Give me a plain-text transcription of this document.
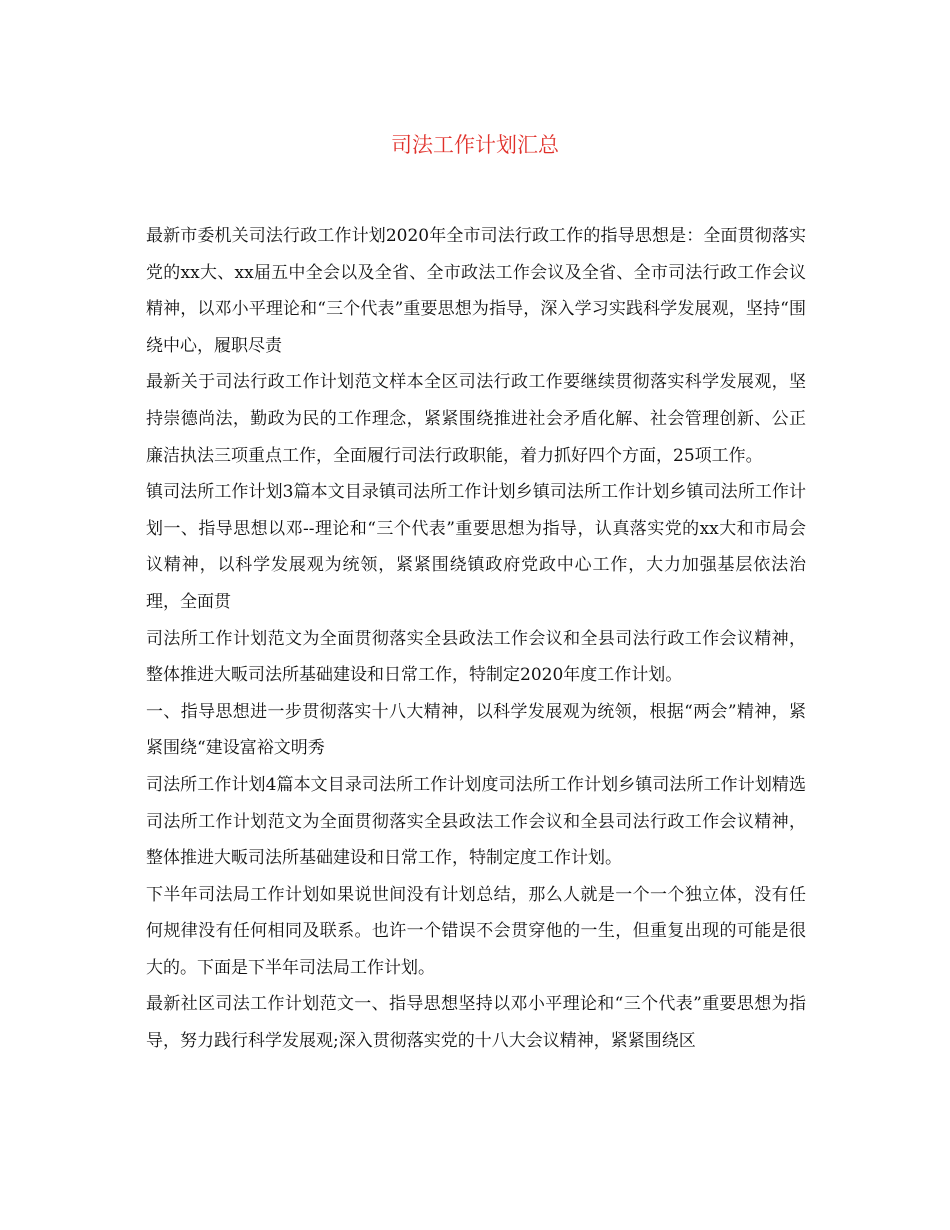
司法工作计划汇总

最新市委机关司法行政工作计划2020年全市司法行政工作的指导思想是：全面贯彻落实党的xx大、xx届五中全会以及全省、全市政法工作会议及全省、全市司法行政工作会议精神，以邓小平理论和“三个代表”重要思想为指导，深入学习实践科学发展观，坚持“围绕中心，履职尽责

最新关于司法行政工作计划范文样本全区司法行政工作要继续贯彻落实科学发展观，坚持崇德尚法，勤政为民的工作理念，紧紧围绕推进社会矛盾化解、社会管理创新、公正廉洁执法三项重点工作，全面履行司法行政职能，着力抓好四个方面，25项工作。

镇司法所工作计划3篇本文目录镇司法所工作计划乡镇司法所工作计划乡镇司法所工作计划一、指导思想以邓--理论和“三个代表”重要思想为指导，认真落实党的xx大和市局会议精神，以科学发展观为统领，紧紧围绕镇政府党政中心工作，大力加强基层依法治理，全面贯

司法所工作计划范文为全面贯彻落实全县政法工作会议和全县司法行政工作会议精神，整体推进大畈司法所基础建设和日常工作，特制定2020年度工作计划。

一、指导思想进一步贯彻落实十八大精神，以科学发展观为统领，根据“两会”精神，紧紧围绕“建设富裕文明秀

司法所工作计划4篇本文目录司法所工作计划度司法所工作计划乡镇司法所工作计划精选司法所工作计划范文为全面贯彻落实全县政法工作会议和全县司法行政工作会议精神，整体推进大畈司法所基础建设和日常工作，特制定度工作计划。

下半年司法局工作计划如果说世间没有计划总结，那么人就是一个一个独立体，没有任何规律没有任何相同及联系。也许一个错误不会贯穿他的一生，但重复出现的可能是很大的。下面是下半年司法局工作计划。

最新社区司法工作计划范文一、指导思想坚持以邓小平理论和“三个代表”重要思想为指导，努力践行科学发展观;深入贯彻落实党的十八大会议精神，紧紧围绕区
